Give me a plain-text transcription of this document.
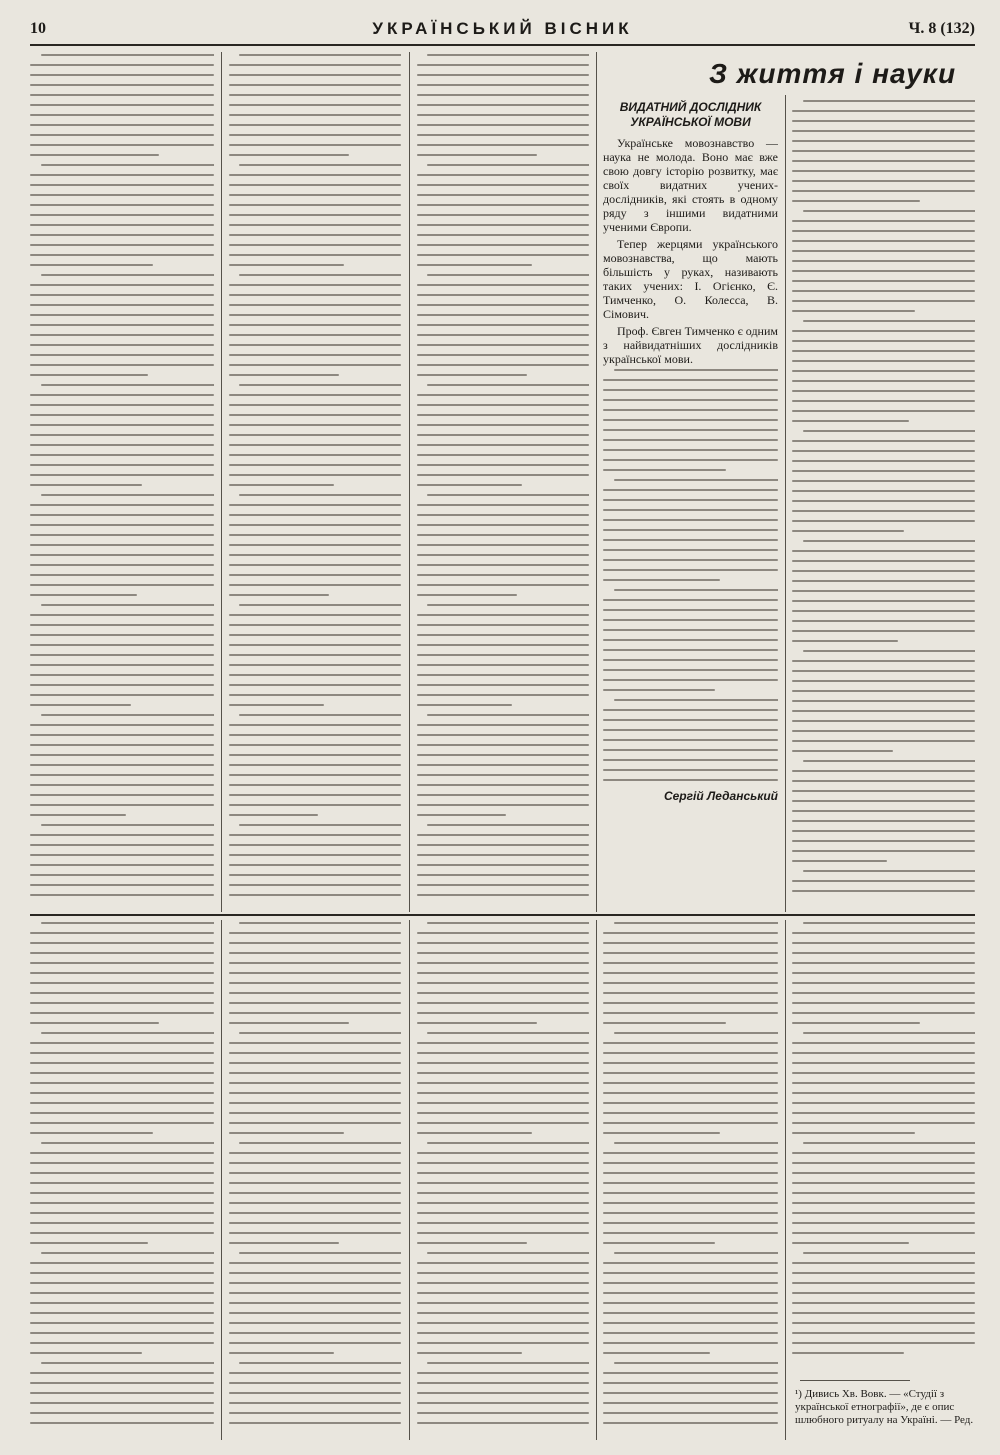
10	УКРАЇНСЬКИЙ ВІСНИК	Ч. 8 (132)
З життя і науки

ВИДАТНИЙ ДОСЛІДНИК
УКРАЇНСЬКОЇ МОВИ

Українське мовознавство — наука не молода. Воно має вже свою довгу історію розвитку, має своїх видатних учених-дослідників, які стоять в одному ряду з іншими видатними ученими Європи.

Тепер жерцями українського мовознавства, що мають більшість у руках, називають таких учених: І. Огієнко, Є. Тимченко, О. Колесса, В. Сімович.

Проф. Євген Тимченко є одним з найвидатніших дослідників української мови.

Сергій Леданський

¹) Дивись Хв. Вовк. — «Студії з української етнографії», де є опис шлюбного ритуалу на Україні. — Ред.
